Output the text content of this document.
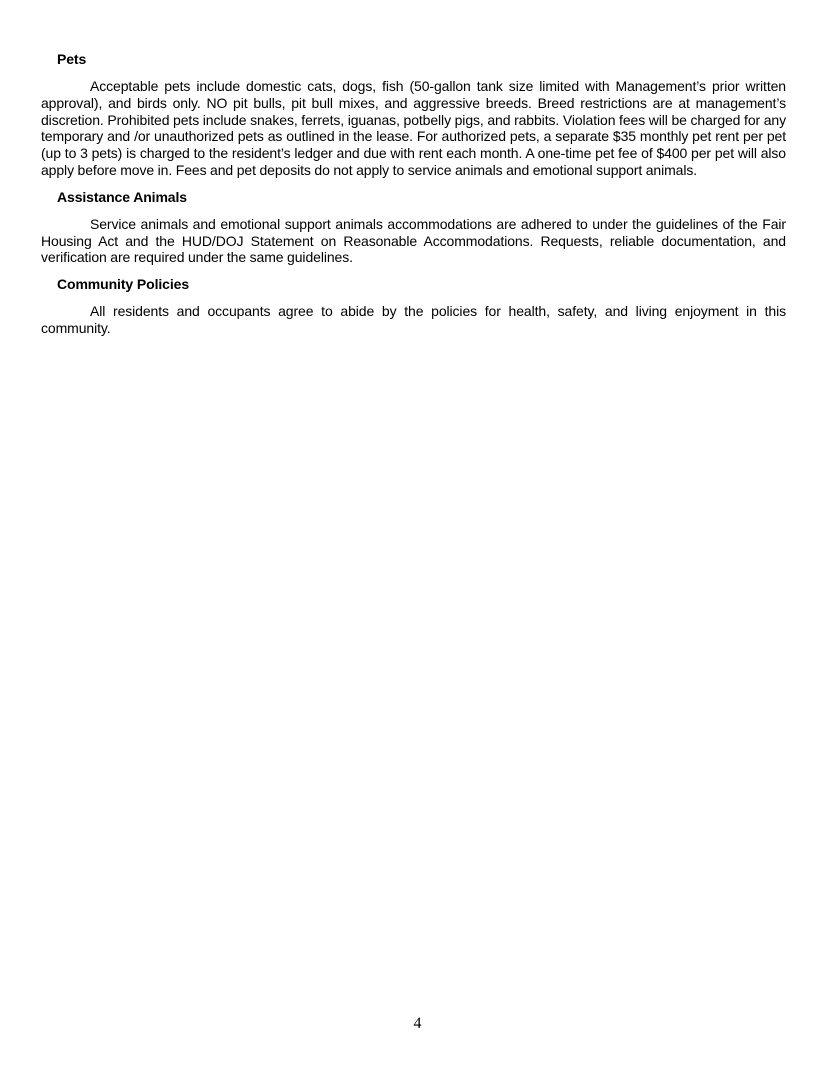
Pets

Acceptable pets include domestic cats, dogs, fish (50-gallon tank size limited with Management’s prior written approval), and birds only. NO pit bulls, pit bull mixes, and aggressive breeds. Breed restrictions are at management’s discretion. Prohibited pets include snakes, ferrets, iguanas, potbelly pigs, and rabbits. Violation fees will be charged for any temporary and /or unauthorized pets as outlined in the lease. For authorized pets, a separate $35 monthly pet rent per pet (up to 3 pets) is charged to the resident’s ledger and due with rent each month. A one-time pet fee of $400 per pet will also apply before move in. Fees and pet deposits do not apply to service animals and emotional support animals.

Assistance Animals

Service animals and emotional support animals accommodations are adhered to under the guidelines of the Fair Housing Act and the HUD/DOJ Statement on Reasonable Accommodations. Requests, reliable documentation, and verification are required under the same guidelines.

Community Policies

All residents and occupants agree to abide by the policies for health, safety, and living enjoyment in this community.

4
